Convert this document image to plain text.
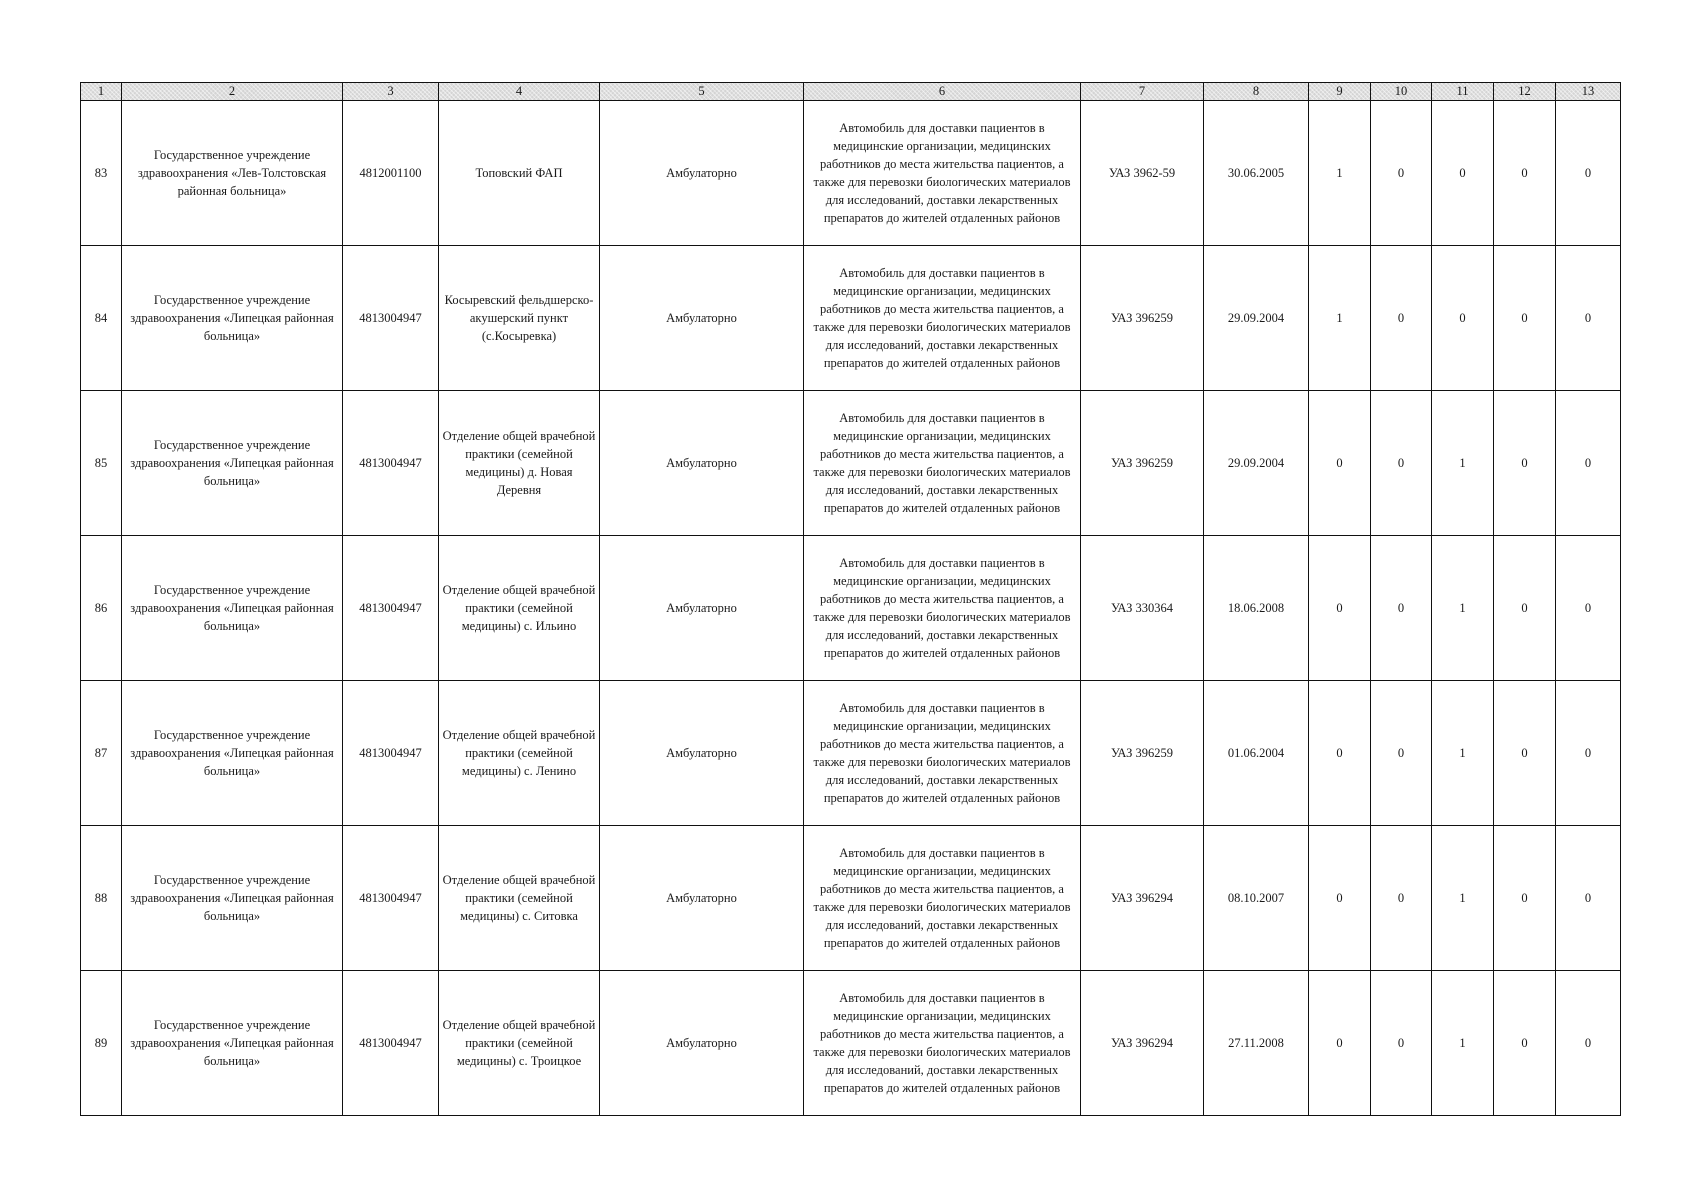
1	2	3	4	5	6	7	8	9	10	11	12	13
83	Государственное учреждение здравоохранения «Лев-Толстовская районная больница»	4812001100	Топовский ФАП	Амбулаторно	Автомобиль для доставки пациентов в медицинские организации, медицинских работников до места жительства пациентов, а также для перевозки биологических материалов для исследований, доставки лекарственных препаратов до жителей отдаленных районов	УАЗ 3962-59	30.06.2005	1	0	0	0	0
84	Государственное учреждение здравоохранения «Липецкая районная больница»	4813004947	Косыревский фельдшерско-акушерский пункт (с.Косыревка)	Амбулаторно	Автомобиль для доставки пациентов в медицинские организации, медицинских работников до места жительства пациентов, а также для перевозки биологических материалов для исследований, доставки лекарственных препаратов до жителей отдаленных районов	УАЗ 396259	29.09.2004	1	0	0	0	0
85	Государственное учреждение здравоохранения «Липецкая районная больница»	4813004947	Отделение общей врачебной практики (семейной медицины) д. Новая Деревня	Амбулаторно	Автомобиль для доставки пациентов в медицинские организации, медицинских работников до места жительства пациентов, а также для перевозки биологических материалов для исследований, доставки лекарственных препаратов до жителей отдаленных районов	УАЗ 396259	29.09.2004	0	0	1	0	0
86	Государственное учреждение здравоохранения «Липецкая районная больница»	4813004947	Отделение общей врачебной практики (семейной медицины) с. Ильино	Амбулаторно	Автомобиль для доставки пациентов в медицинские организации, медицинских работников до места жительства пациентов, а также для перевозки биологических материалов для исследований, доставки лекарственных препаратов до жителей отдаленных районов	УАЗ 330364	18.06.2008	0	0	1	0	0
87	Государственное учреждение здравоохранения «Липецкая районная больница»	4813004947	Отделение общей врачебной практики (семейной медицины) с. Ленино	Амбулаторно	Автомобиль для доставки пациентов в медицинские организации, медицинских работников до места жительства пациентов, а также для перевозки биологических материалов для исследований, доставки лекарственных препаратов до жителей отдаленных районов	УАЗ 396259	01.06.2004	0	0	1	0	0
88	Государственное учреждение здравоохранения «Липецкая районная больница»	4813004947	Отделение общей врачебной практики (семейной медицины) с. Ситовка	Амбулаторно	Автомобиль для доставки пациентов в медицинские организации, медицинских работников до места жительства пациентов, а также для перевозки биологических материалов для исследований, доставки лекарственных препаратов до жителей отдаленных районов	УАЗ 396294	08.10.2007	0	0	1	0	0
89	Государственное учреждение здравоохранения «Липецкая районная больница»	4813004947	Отделение общей врачебной практики (семейной медицины) с. Троицкое	Амбулаторно	Автомобиль для доставки пациентов в медицинские организации, медицинских работников до места жительства пациентов, а также для перевозки биологических материалов для исследований, доставки лекарственных препаратов до жителей отдаленных районов	УАЗ 396294	27.11.2008	0	0	1	0	0
